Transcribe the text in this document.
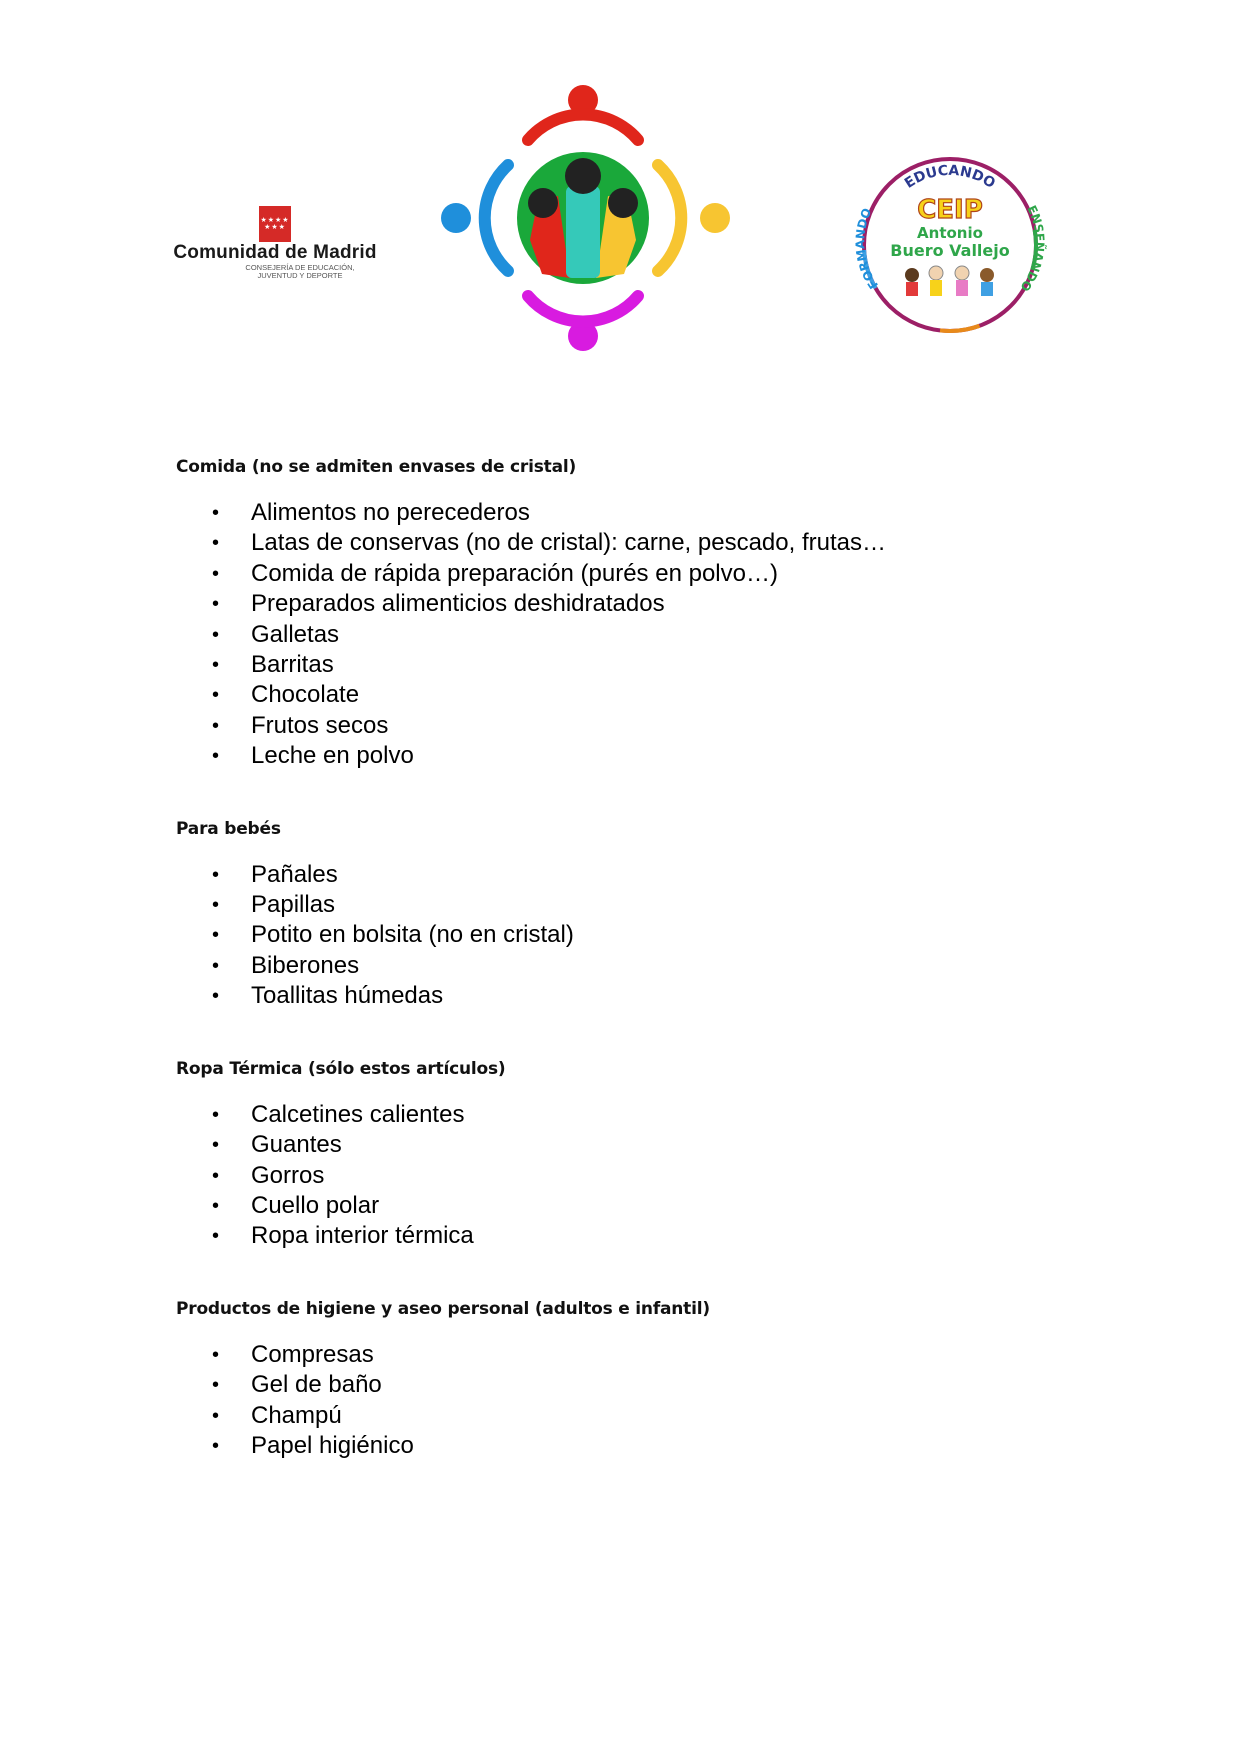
★★★★ ★★★
Comunidad de Madrid
CONSEJERÍA DE EDUCACIÓN,
JUVENTUD Y DEPORTE
EDUCANDO
FORMANDO	ENSEÑANDO
CEIP
Antonio
Buero Vallejo
Comida (no se admiten envases de cristal)
• Alimentos no perecederos
• Latas de conservas (no de cristal): carne, pescado, frutas…
• Comida de rápida preparación (purés en polvo…)
• Preparados alimenticios deshidratados
• Galletas
• Barritas
• Chocolate
• Frutos secos
• Leche en polvo
Para bebés
• Pañales
• Papillas
• Potito en bolsita (no en cristal)
• Biberones
• Toallitas húmedas
Ropa Térmica (sólo estos artículos)
• Calcetines calientes
• Guantes
• Gorros
• Cuello polar
• Ropa interior térmica
Productos de higiene y aseo personal (adultos e infantil)
• Compresas
• Gel de baño
• Champú
• Papel higiénico
